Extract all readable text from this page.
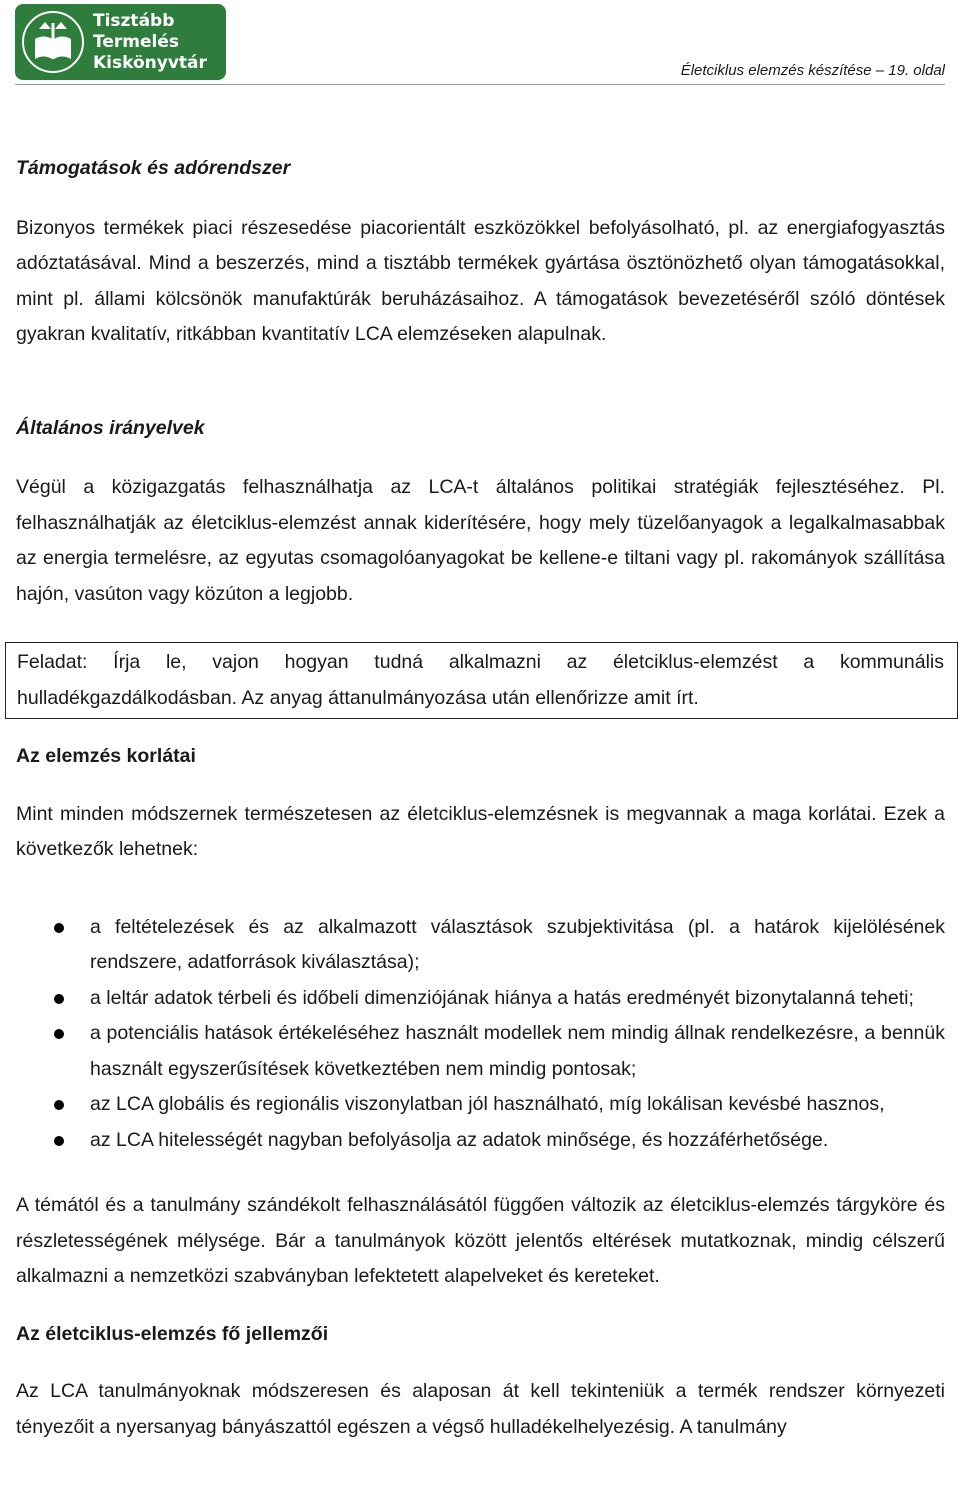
Tisztább
Termelés
Kiskönyvtár	Életciklus elemzés készítése – 19. oldal

Támogatások és adórendszer

Bizonyos termékek piaci részesedése piacorientált eszközökkel befolyásolható, pl. az energiafogyasztás adóztatásával. Mind a beszerzés, mind a tisztább termékek gyártása ösztönözhető olyan támogatásokkal, mint pl. állami kölcsönök manufaktúrák beruházásaihoz. A támogatások bevezetéséről szóló döntések gyakran kvalitatív, ritkábban kvantitatív LCA elemzéseken alapulnak.

Általános irányelvek

Végül a közigazgatás felhasználhatja az LCA-t általános politikai stratégiák fejlesztéséhez. Pl. felhasználhatják az életciklus-elemzést annak kiderítésére, hogy mely tüzelőanyagok a legalkalmasabbak az energia termelésre, az egyutas csomagolóanyagokat be kellene-e tiltani vagy pl. rakományok szállítása hajón, vasúton vagy közúton a legjobb.

Feladat: Írja le, vajon hogyan tudná alkalmazni az életciklus-elemzést a kommunális hulladékgazdálkodásban. Az anyag áttanulmányozása után ellenőrizze amit írt.

Az elemzés korlátai

Mint minden módszernek természetesen az életciklus-elemzésnek is megvannak a maga korlátai. Ezek a következők lehetnek:

a feltételezések és az alkalmazott választások szubjektivitása (pl. a határok kijelölésének rendszere, adatforrások kiválasztása);
a leltár adatok térbeli és időbeli dimenziójának hiánya a hatás eredményét bizonytalanná teheti;
a potenciális hatások értékeléséhez használt modellek nem mindig állnak rendelkezésre, a bennük használt egyszerűsítések következtében nem mindig pontosak;
az LCA globális és regionális viszonylatban jól használható, míg lokálisan kevésbé hasznos,
az LCA hitelességét nagyban befolyásolja az adatok minősége, és hozzáférhetősége.

A témától és a tanulmány szándékolt felhasználásától függően változik az életciklus-elemzés tárgyköre és részletességének mélysége. Bár a tanulmányok között jelentős eltérések mutatkoznak, mindig célszerű alkalmazni a nemzetközi szabványban lefektetett alapelveket és kereteket.

Az életciklus-elemzés fő jellemzői

Az LCA tanulmányoknak módszeresen és alaposan át kell tekinteniük a termék rendszer környezeti tényezőit a nyersanyag bányászattól egészen a végső hulladékelhelyezésig. A tanulmány
